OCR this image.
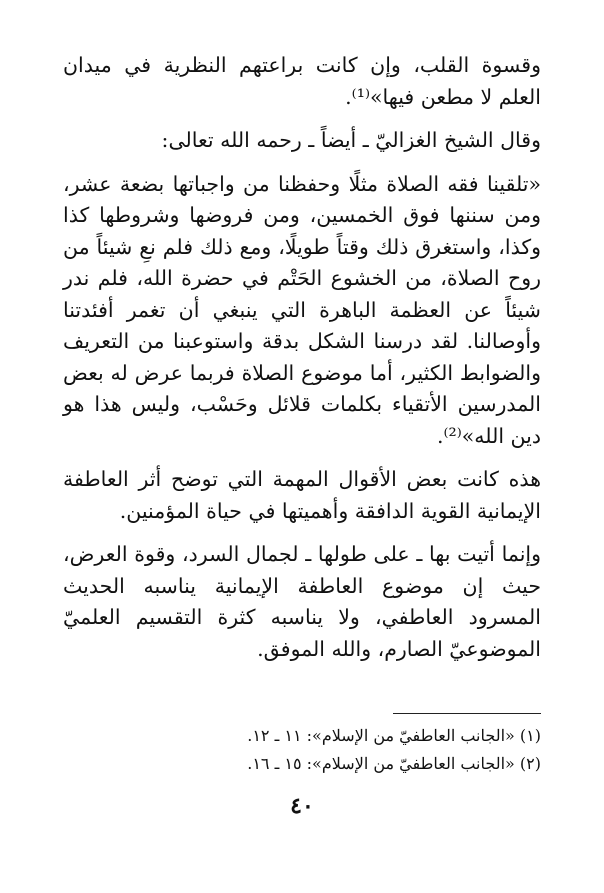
وقسوة القلب، وإن كانت براعتهم النظرية في ميدان العلم لا مطعن فيها»⁽¹⁾.

وقال الشيخ الغزاليّ ـ أيضاً ـ رحمه الله تعالى:

«تلقينا فقه الصلاة مثلًا وحفظنا من واجباتها بضعة عشر، ومن سننها فوق الخمسين، ومن فروضها وشروطها كذا وكذا، واستغرق ذلك وقتاً طويلًا، ومع ذلك فلم نعِ شيئاً من روح الصلاة، من الخشوع الحَتْم في حضرة الله، فلم ندر شيئاً عن العظمة الباهرة التي ينبغي أن تغمر أفئدتنا وأوصالنا. لقد درسنا الشكل بدقة واستوعبنا من التعريف والضوابط الكثير، أما موضوع الصلاة فربما عرض له بعض المدرسين الأتقياء بكلمات قلائل وحَسْب، وليس هذا هو دين الله»⁽²⁾.

هذه كانت بعض الأقوال المهمة التي توضح أثر العاطفة الإيمانية القوية الدافقة وأهميتها في حياة المؤمنين.

وإنما أتيت بها ـ على طولها ـ لجمال السرد، وقوة العرض، حيث إن موضوع العاطفة الإيمانية يناسبه الحديث المسرود العاطفي، ولا يناسبه كثرة التقسيم العلميّ الموضوعيّ الصارم، والله الموفق.

(١) «الجانب العاطفيّ من الإسلام»: ١١ ـ ١٢.
(٢) «الجانب العاطفيّ من الإسلام»: ١٥ ـ ١٦.
٤٠
